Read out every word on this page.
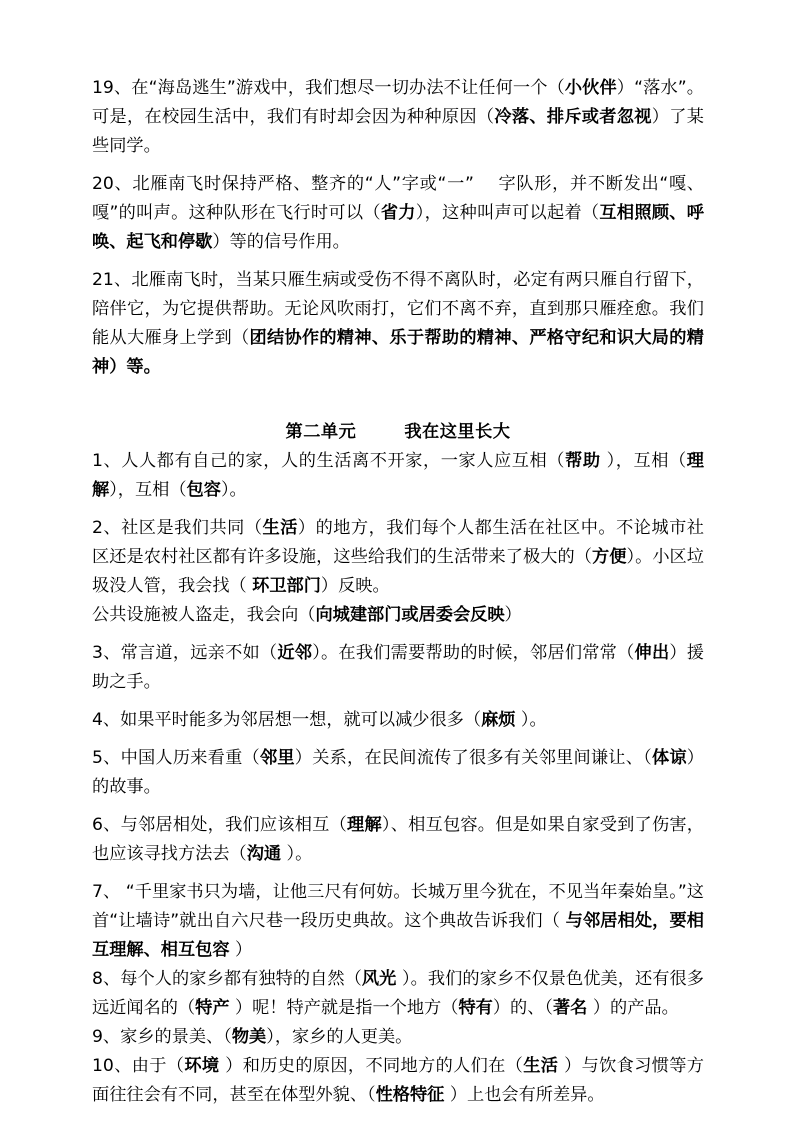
19、在“海岛逃生”游戏中，我们想尽一切办法不让任何一个（小伙伴）“落水”。可是，在校园生活中，我们有时却会因为种种原因（冷落、排斥或者忽视）了某些同学。

20、北雁南飞时保持严格、整齐的“人”字或“一”　 字队形，并不断发出“嘎、嘎”的叫声。这种队形在飞行时可以（省力），这种叫声可以起着（互相照顾、呼唤、起飞和停歇）等的信号作用。

21、北雁南飞时，当某只雁生病或受伤不得不离队时，必定有两只雁自行留下，陪伴它，为它提供帮助。无论风吹雨打，它们不离不弃，直到那只雁痊愈。我们能从大雁身上学到（团结协作的精神、乐于帮助的精神、严格守纪和识大局的精神）等。

第二单元	我在这里长大

1、人人都有自己的家，人的生活离不开家，一家人应互相（帮助 ），互相（理解），互相（包容）。

2、社区是我们共同（生活）的地方，我们每个人都生活在社区中。不论城市社区还是农村社区都有许多设施，这些给我们的生活带来了极大的（方便）。小区垃圾没人管，我会找（ 环卫部门）反映。

公共设施被人盗走，我会向（向城建部门或居委会反映）

3、常言道，远亲不如（近邻）。在我们需要帮助的时候，邻居们常常（伸出）援助之手。

4、如果平时能多为邻居想一想，就可以减少很多（麻烦 ）。

5、中国人历来看重（邻里）关系，在民间流传了很多有关邻里间谦让、（体谅）的故事。

6、与邻居相处，我们应该相互（理解）、相互包容。但是如果自家受到了伤害，也应该寻找方法去（沟通 ）。

7、 “千里家书只为墙，让他三尺有何妨。长城万里今犹在，不见当年秦始皇。”这首“让墙诗”就出自六尺巷一段历史典故。这个典故告诉我们（ 与邻居相处，要相互理解、相互包容 ）

8、每个人的家乡都有独特的自然（风光 ）。我们的家乡不仅景色优美，还有很多远近闻名的（特产 ）呢！特产就是指一个地方（特有）的、（著名 ）的产品。

9、家乡的景美、（物美），家乡的人更美。

10、由于（环境 ）和历史的原因，不同地方的人们在（生活 ）与饮食习惯等方面往往会有不同，甚至在体型外貌、（性格特征 ）上也会有所差异。
